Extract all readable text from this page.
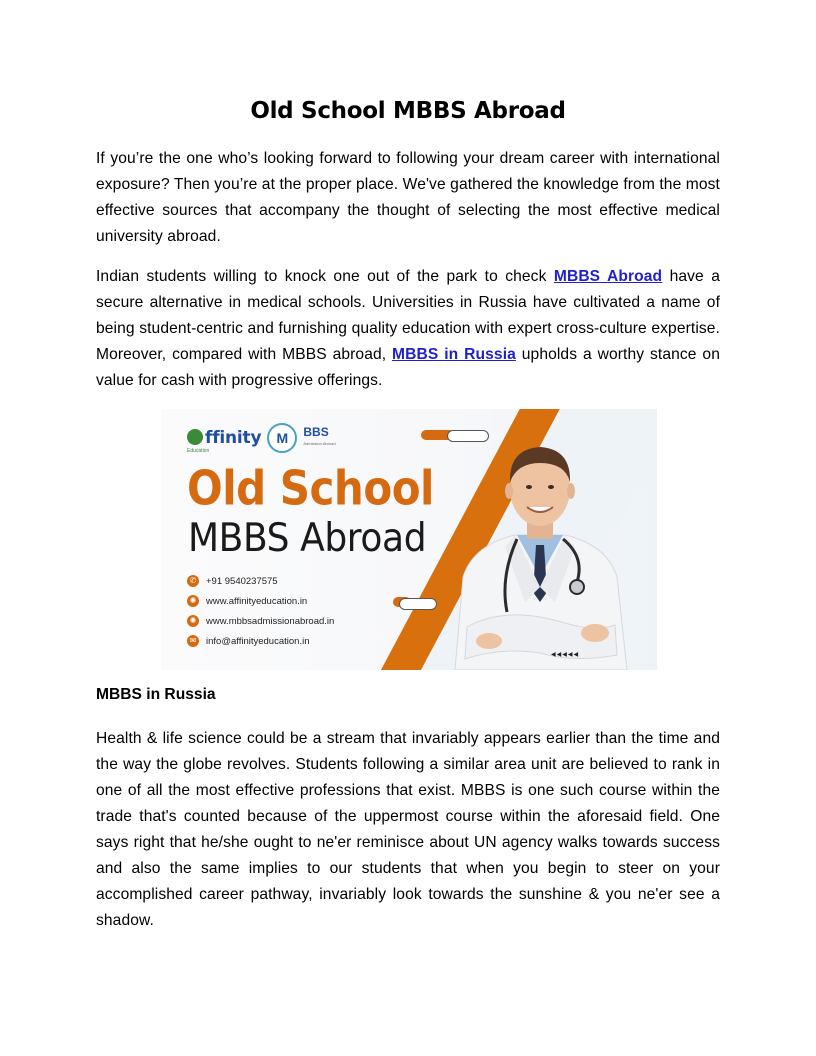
Old School MBBS Abroad

If you’re the one who’s looking forward to following your dream career with international exposure? Then you’re at the proper place. We've gathered the knowledge from the most effective sources that accompany the thought of selecting the most effective medical university abroad.

Indian students willing to knock one out of the park to check MBBS Abroad have a secure alternative in medical schools. Universities in Russia have cultivated a name of being student-centric and furnishing quality education with expert cross-culture expertise. Moreover, compared with MBBS abroad, MBBS in Russia upholds a worthy stance on value for cash with progressive offerings.

ffinity
Education
M	BBS
Admission Abroad

Old School

MBBS Abroad

✆ +91 9540237575
✺ www.affinityeducation.in
✺ www.mbbsadmissionabroad.in
✉ info@affinityeducation.in
◀◀◀◀◀
MBBS in Russia

Health & life science could be a stream that invariably appears earlier than the time and the way the globe revolves. Students following a similar area unit are believed to rank in one of all the most effective professions that exist. MBBS is one such course within the trade that's counted because of the uppermost course within the aforesaid field. One says right that he/she ought to ne'er reminisce about UN agency walks towards success and also the same implies to our students that when you begin to steer on your accomplished career pathway, invariably look towards the sunshine & you ne'er see a shadow.
